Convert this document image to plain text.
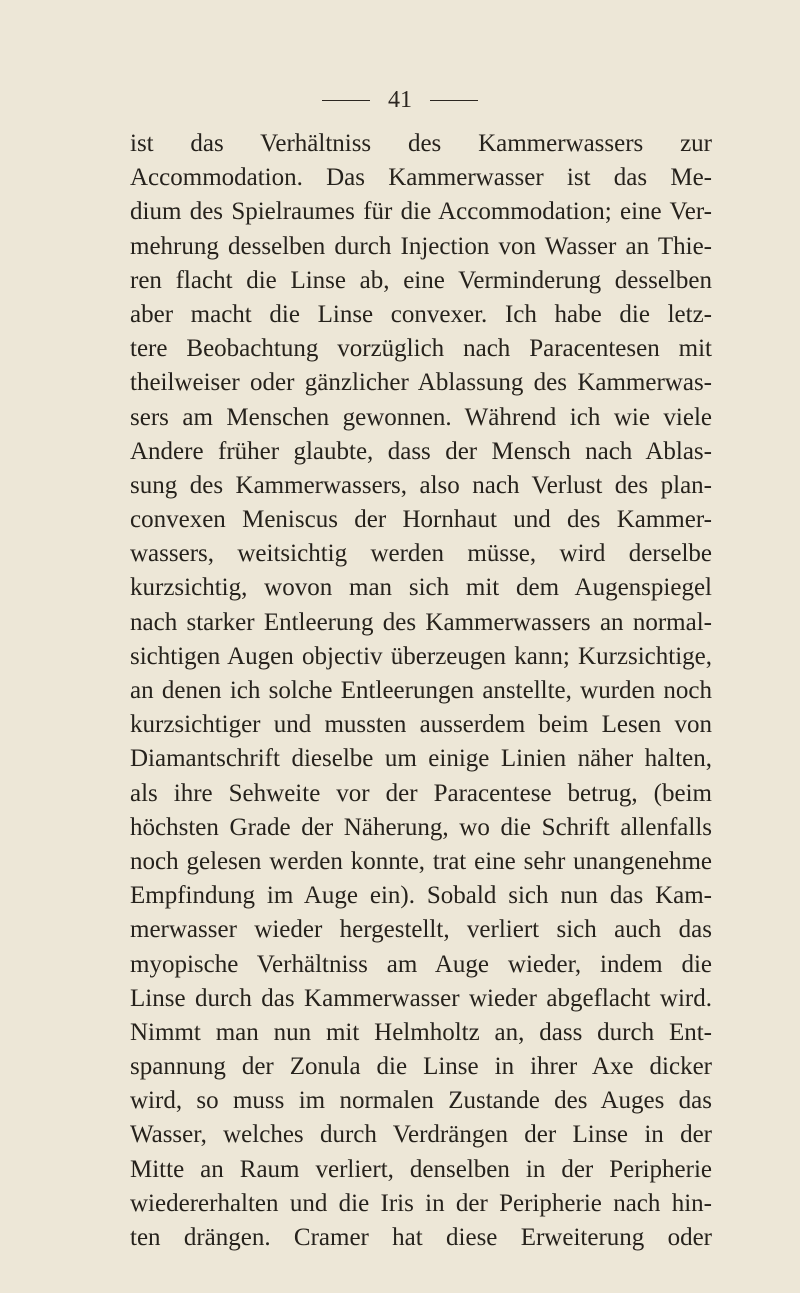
41
ist das Verhältniss des Kammerwassers zur
Accommodation. Das Kammerwasser ist das Me-
dium des Spielraumes für die Accommodation; eine Ver-
mehrung desselben durch Injection von Wasser an Thie-
ren flacht die Linse ab, eine Verminderung desselben
aber macht die Linse convexer. Ich habe die letz-
tere Beobachtung vorzüglich nach Paracentesen mit
theilweiser oder gänzlicher Ablassung des Kammerwas-
sers am Menschen gewonnen. Während ich wie viele
Andere früher glaubte, dass der Mensch nach Ablas-
sung des Kammerwassers, also nach Verlust des plan-
convexen Meniscus der Hornhaut und des Kammer-
wassers, weitsichtig werden müsse, wird derselbe
kurzsichtig, wovon man sich mit dem Augenspiegel
nach starker Entleerung des Kammerwassers an normal-
sichtigen Augen objectiv überzeugen kann; Kurzsichtige,
an denen ich solche Entleerungen anstellte, wurden noch
kurzsichtiger und mussten ausserdem beim Lesen von
Diamantschrift dieselbe um einige Linien näher halten,
als ihre Sehweite vor der Paracentese betrug, (beim
höchsten Grade der Näherung, wo die Schrift allenfalls
noch gelesen werden konnte, trat eine sehr unangenehme
Empfindung im Auge ein). Sobald sich nun das Kam-
merwasser wieder hergestellt, verliert sich auch das
myopische Verhältniss am Auge wieder, indem die
Linse durch das Kammerwasser wieder abgeflacht wird.
Nimmt man nun mit Helmholtz an, dass durch Ent-
spannung der Zonula die Linse in ihrer Axe dicker
wird, so muss im normalen Zustande des Auges das
Wasser, welches durch Verdrängen der Linse in der
Mitte an Raum verliert, denselben in der Peripherie
wiedererhalten und die Iris in der Peripherie nach hin-
ten drängen. Cramer hat diese Erweiterung oder
